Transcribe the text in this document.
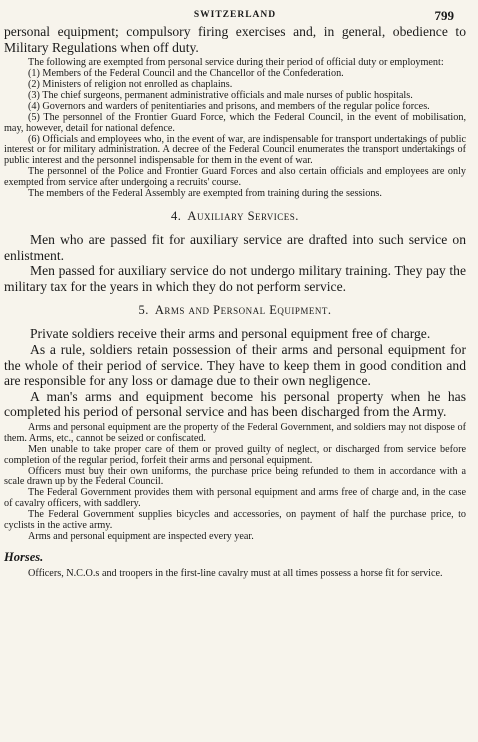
SWITZERLAND	799

personal equipment; compulsory firing exercises and, in general, obedience to Military Regulations when off duty.

The following are exempted from personal service during their period of official duty or employment:

(1) Members of the Federal Council and the Chancellor of the Confederation.

(2) Ministers of religion not enrolled as chaplains.

(3) The chief surgeons, permanent administrative officials and male nurses of public hospitals.

(4) Governors and warders of penitentiaries and prisons, and members of the regular police forces.

(5) The personnel of the Frontier Guard Force, which the Federal Council, in the event of mobilisation, may, however, detail for national defence.

(6) Officials and employees who, in the event of war, are indispensable for transport undertakings of public interest or for military administration. A decree of the Federal Council enumerates the transport undertakings of public interest and the personnel indispensable for them in the event of war.

The personnel of the Police and Frontier Guard Forces and also certain officials and employees are only exempted from service after undergoing a recruits' course.

The members of the Federal Assembly are exempted from training during the sessions.

4. Auxiliary Services.

Men who are passed fit for auxiliary service are drafted into such service on enlistment.

Men passed for auxiliary service do not undergo military training. They pay the military tax for the years in which they do not perform service.

5. Arms and Personal Equipment.

Private soldiers receive their arms and personal equipment free of charge.

As a rule, soldiers retain possession of their arms and personal equipment for the whole of their period of service. They have to keep them in good condition and are responsible for any loss or damage due to their own negligence.

A man's arms and equipment become his personal property when he has completed his period of personal service and has been discharged from the Army.

Arms and personal equipment are the property of the Federal Government, and soldiers may not dispose of them. Arms, etc., cannot be seized or confiscated.

Men unable to take proper care of them or proved guilty of neglect, or discharged from service before completion of the regular period, forfeit their arms and personal equipment.

Officers must buy their own uniforms, the purchase price being refunded to them in accordance with a scale drawn up by the Federal Council.

The Federal Government provides them with personal equipment and arms free of charge and, in the case of cavalry officers, with saddlery.

The Federal Government supplies bicycles and accessories, on payment of half the purchase price, to cyclists in the active army.

Arms and personal equipment are inspected every year.

Horses.

Officers, N.C.O.s and troopers in the first-line cavalry must at all times possess a horse fit for service.
